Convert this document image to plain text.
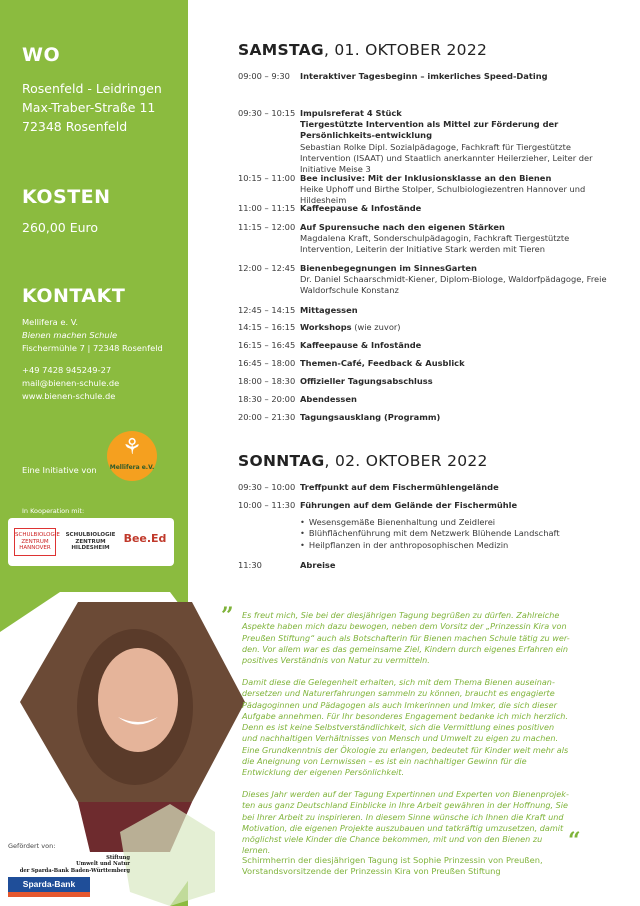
WO
Rosenfeld - Leidringen
Max-Traber-Straße 11
72348 Rosenfeld
KOSTEN
260,00 Euro
KONTAKT
Mellifera e. V.
Bienen machen Schule
Fischermühle 7 | 72348 Rosenfeld
+49 7428 945249-27
mail@bienen-schule.de
www.bienen-schule.de
Eine Initiative von
⚘
Mellifera e.V.
In Kooperation mit:
SCHULBIOLOGIE ZENTRUM HANNOVER
SCHULBIOLOGIE ZENTRUM HILDESHEIM
Bee.Ed
Gefördert von:
Stiftung
Umwelt und Natur
der Sparda-Bank Baden-Württemberg
Sparda-Bank
SAMSTAG, 01. OKTOBER 2022
09:00 – 9:30 Interaktiver Tagesbeginn – imkerliches Speed-Dating
09:30 – 10:15 Impulsreferat 4 Stück
Tiergestützte Intervention als Mittel zur Förderung der Persönlichkeits-entwicklung
Sebastian Rolke Dipl. Sozialpädagoge, Fachkraft für Tiergestützte Intervention (ISAAT) und Staatlich anerkannter Heilerzieher, Leiter der Initiative Meise 3
10:15 – 11:00 Bee inclusive: Mit der Inklusionsklasse an den Bienen
Heike Uphoff und Birthe Stolper, Schulbiologiezentren Hannover und Hildesheim
11:00 – 11:15 Kaffeepause & Infostände
11:15 – 12:00 Auf Spurensuche nach den eigenen Stärken
Magdalena Kraft, Sonderschulpädagogin, Fachkraft Tiergestützte Intervention, Leiterin der Initiative Stark werden mit Tieren
12:00 – 12:45 Bienenbegegnungen im SinnesGarten
Dr. Daniel Schaarschmidt-Kiener, Diplom-Biologe, Waldorfpädagoge, Freie Waldorfschule Konstanz
12:45 – 14:15 Mittagessen
14:15 – 16:15 Workshops (wie zuvor)
16:15 – 16:45 Kaffeepause & Infostände
16:45 – 18:00 Themen-Café, Feedback & Ausblick
18:00 – 18:30 Offizieller Tagungsabschluss
18:30 – 20:00 Abendessen
20:00 – 21:30 Tagungsausklang (Programm)
SONNTAG, 02. OKTOBER 2022
09:30 – 10:00 Treffpunkt auf dem Fischermühlengelände
10:00 – 11:30 Führungen auf dem Gelände der Fischermühle
• Wesensgemäße Bienenhaltung und Zeidlerei
• Blühflächenführung mit dem Netzwerk Blühende Landschaft
• Heilpflanzen in der anthroposophischen Medizin
11:30	Abreise
” Es freut mich, Sie bei der diesjährigen Tagung begrüßen zu dürfen. Zahlreiche Aspekte haben mich dazu bewogen, neben dem Vorsitz der „Prinzessin Kira von Preußen Stiftung“ auch als Botschafterin für Bienen machen Schule tätig zu wer-den. Vor allem war es das gemeinsame Ziel, Kindern durch eigenes Erfahren ein positives Verständnis von Natur zu vermitteln.
Damit diese die Gelegenheit erhalten, sich mit dem Thema Bienen auseinan-dersetzen und Naturerfahrungen sammeln zu können, braucht es engagierte Pädagoginnen und Pädagogen als auch Imkerinnen und Imker, die sich dieser Aufgabe annehmen. Für Ihr besonderes Engagement bedanke ich mich herzlich. Denn es ist keine Selbstverständlichkeit, sich die Vermittlung eines positiven und nachhaltigen Verhältnisses von Mensch und Umwelt zu eigen zu machen. Eine Grundkenntnis der Ökologie zu erlangen, bedeutet für Kinder weit mehr als die Aneignung von Lernwissen – es ist ein nachhaltiger Gewinn für die Entwicklung der eigenen Persönlichkeit.
Dieses Jahr werden auf der Tagung Expertinnen und Experten von Bienenprojek-ten aus ganz Deutschland Einblicke in Ihre Arbeit gewähren in der Hoffnung, Sie bei Ihrer Arbeit zu inspirieren. In diesem Sinne wünsche ich Ihnen die Kraft und Motivation, die eigenen Projekte auszubauen und tatkräftig umzusetzen, damit möglichst viele Kinder die Chance bekommen, mit und von den Bienen zu lernen.	“
Schirmherrin der diesjährigen Tagung ist Sophie Prinzessin von Preußen, Vorstandsvorsitzende der Prinzessin Kira von Preußen Stiftung
